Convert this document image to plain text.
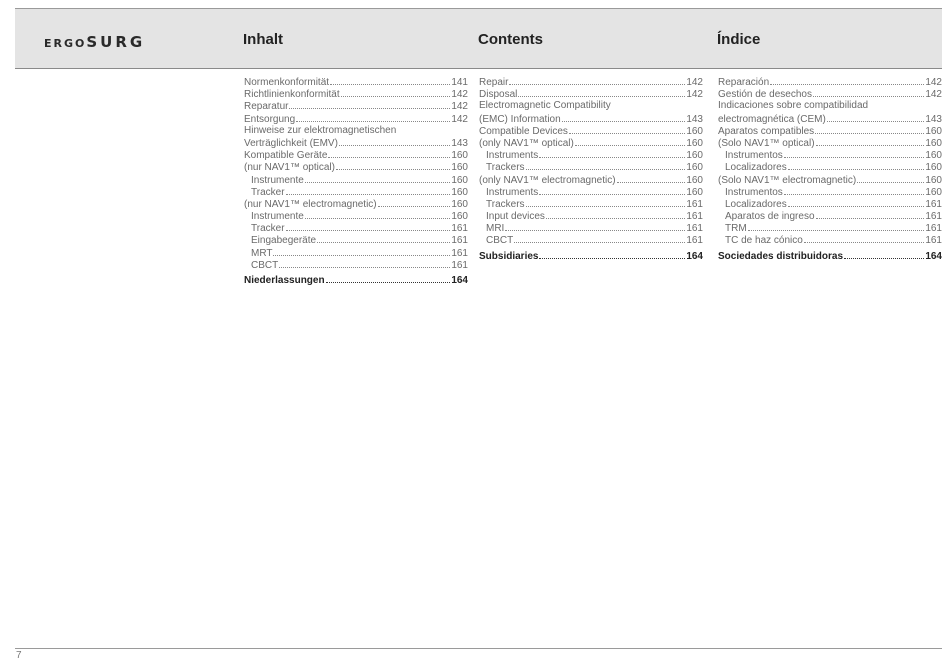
ERGOSURG	Inhalt	Contents	Índice
Normenkonformität	141
Richtlinienkonformität	142
Reparatur	142
Entsorgung	142
Hinweise zur elektromagnetischen
Verträglichkeit (EMV)	143
Kompatible Geräte	160
(nur NAV1™ optical)	160
Instrumente	160
Tracker	160
(nur NAV1™ electromagnetic)	160
Instrumente	160
Tracker	161
Eingabegeräte	161
MRT	161
CBCT	161
Niederlassungen	164
Repair	142
Disposal	142
Electromagnetic Compatibility
(EMC) Information	143
Compatible Devices	160
(only NAV1™ optical)	160
Instruments	160
Trackers	160
(only NAV1™ electromagnetic)	160
Instruments	160
Trackers	161
Input devices	161
MRI	161
CBCT	161
Subsidiaries	164
Reparación	142
Gestión de desechos	142
Indicaciones sobre compatibilidad
electromagnética (CEM)	143
Aparatos compatibles	160
(Solo NAV1™ optical)	160
Instrumentos	160
Localizadores	160
(Solo NAV1™ electromagnetic)	160
Instrumentos	160
Localizadores	161
Aparatos de ingreso	161
TRM	161
TC de haz cónico	161
Sociedades distribuidoras	164
7
